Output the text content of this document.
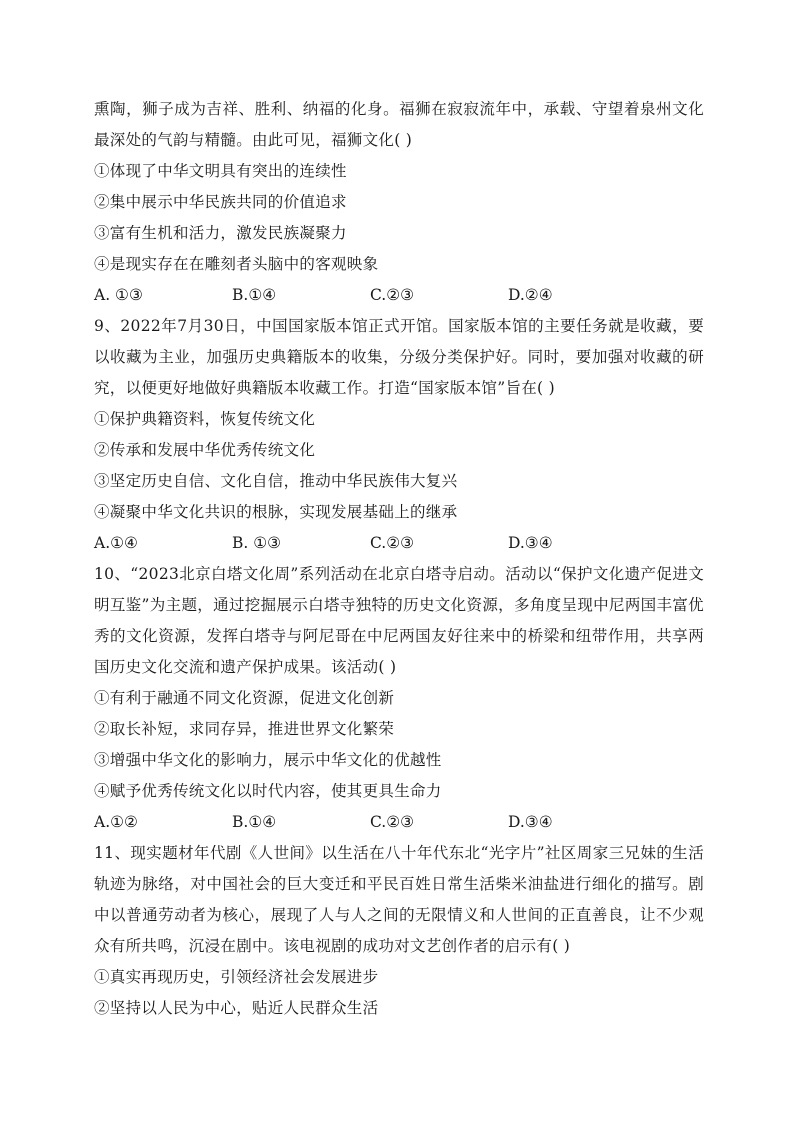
熏陶，狮子成为吉祥、胜利、纳福的化身。福狮在寂寂流年中，承载、守望着泉州文化最深处的气韵与精髓。由此可见，福狮文化( )

①体现了中华文明具有突出的连续性

②集中展示中华民族共同的价值追求

③富有生机和活力，激发民族凝聚力

④是现实存在在雕刻者头脑中的客观映象

A. ①③	B.①④	C.②③	D.②④

9、2022年7月30日，中国国家版本馆正式开馆。国家版本馆的主要任务就是收藏，要以收藏为主业，加强历史典籍版本的收集，分级分类保护好。同时，要加强对收藏的研究，以便更好地做好典籍版本收藏工作。打造“国家版本馆”旨在( )

①保护典籍资料，恢复传统文化

②传承和发展中华优秀传统文化

③坚定历史自信、文化自信，推动中华民族伟大复兴

④凝聚中华文化共识的根脉，实现发展基础上的继承

A.①④	B. ①③	C.②③	D.③④

10、“2023北京白塔文化周”系列活动在北京白塔寺启动。活动以“保护文化遗产促进文明互鉴”为主题，通过挖掘展示白塔寺独特的历史文化资源，多角度呈现中尼两国丰富优秀的文化资源，发挥白塔寺与阿尼哥在中尼两国友好往来中的桥梁和纽带作用，共享两国历史文化交流和遗产保护成果。该活动( )

①有利于融通不同文化资源，促进文化创新

②取长补短，求同存异，推进世界文化繁荣

③增强中华文化的影响力，展示中华文化的优越性

④赋予优秀传统文化以时代内容，使其更具生命力

A.①②	B.①④	C.②③	D.③④

11、现实题材年代剧《人世间》以生活在八十年代东北“光字片”社区周家三兄妹的生活轨迹为脉络，对中国社会的巨大变迁和平民百姓日常生活柴米油盐进行细化的描写。剧中以普通劳动者为核心，展现了人与人之间的无限情义和人世间的正直善良，让不少观众有所共鸣，沉浸在剧中。该电视剧的成功对文艺创作者的启示有( )

①真实再现历史，引领经济社会发展进步

②坚持以人民为中心，贴近人民群众生活
